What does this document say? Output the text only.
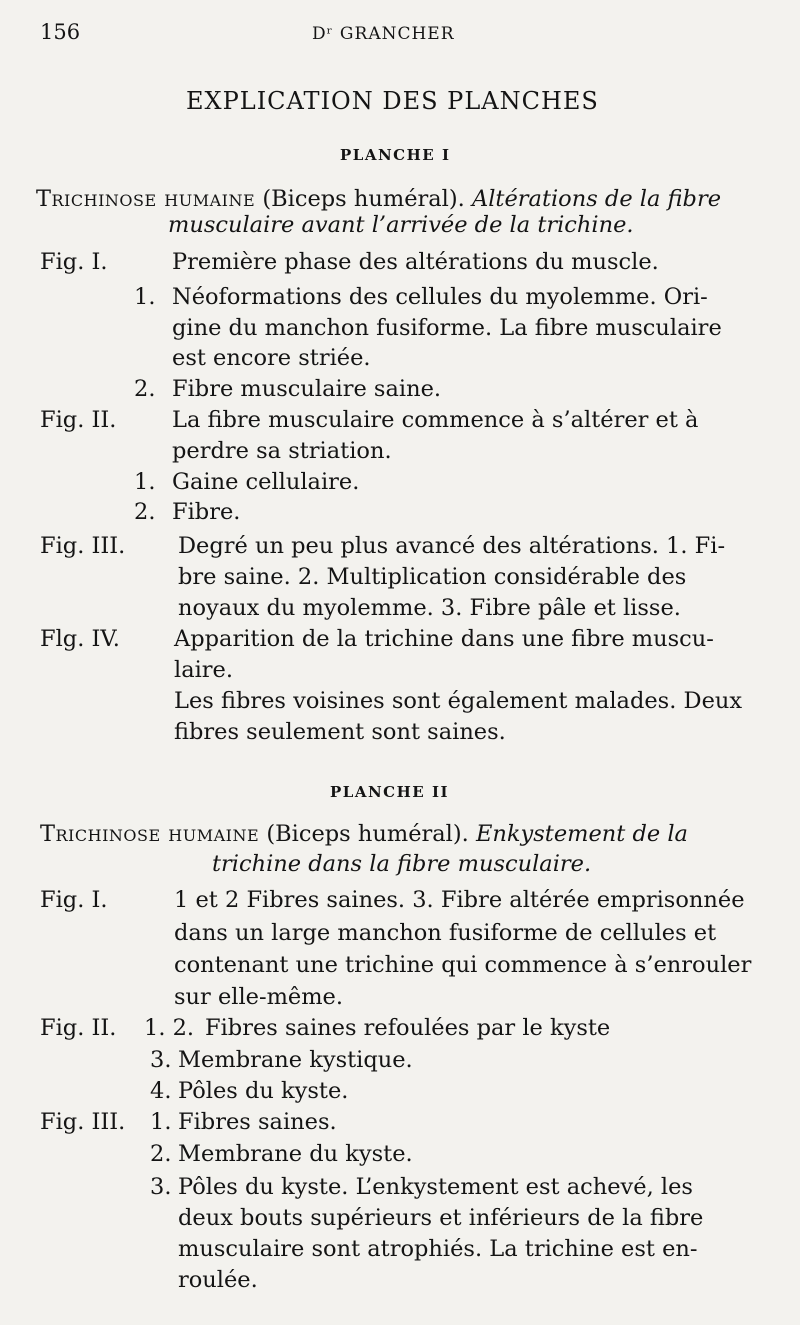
156	Dʳ GRANCHER
EXPLICATION DES PLANCHES
PLANCHE I
Trichinose humaine (Biceps huméral). Altérations de la fibre
musculaire avant l’arrivée de la trichine.
Fig. I.	Première phase des altérations du muscle.
1. Néoformations des cellules du myolemme. Ori-
gine du manchon fusiforme. La fibre musculaire
est encore striée.
2. Fibre musculaire saine.
Fig. II. La fibre musculaire commence à s’altérer et à
perdre sa striation.
1. Gaine cellulaire.
2. Fibre.
Fig. III. Degré un peu plus avancé des altérations. 1. Fi-
bre saine. 2. Multiplication considérable des
noyaux du myolemme. 3. Fibre pâle et lisse.
Flg. IV. Apparition de la trichine dans une fibre muscu-
laire.
Les fibres voisines sont également malades. Deux
fibres seulement sont saines.
PLANCHE II
Trichinose humaine (Biceps huméral). Enkystement de la
trichine dans la fibre musculaire.
Fig. I.	1 et 2 Fibres saines. 3. Fibre altérée emprisonnée
dans un large manchon fusiforme de cellules et
contenant une trichine qui commence à s’enrouler
sur elle-même.
Fig. II. 1. 2. Fibres saines refoulées par le kyste
3. Membrane kystique.
4. Pôles du kyste.
Fig. III. 1. Fibres saines.
2. Membrane du kyste.
3. Pôles du kyste. L’enkystement est achevé, les
deux bouts supérieurs et inférieurs de la fibre
musculaire sont atrophiés. La trichine est en-
roulée.
